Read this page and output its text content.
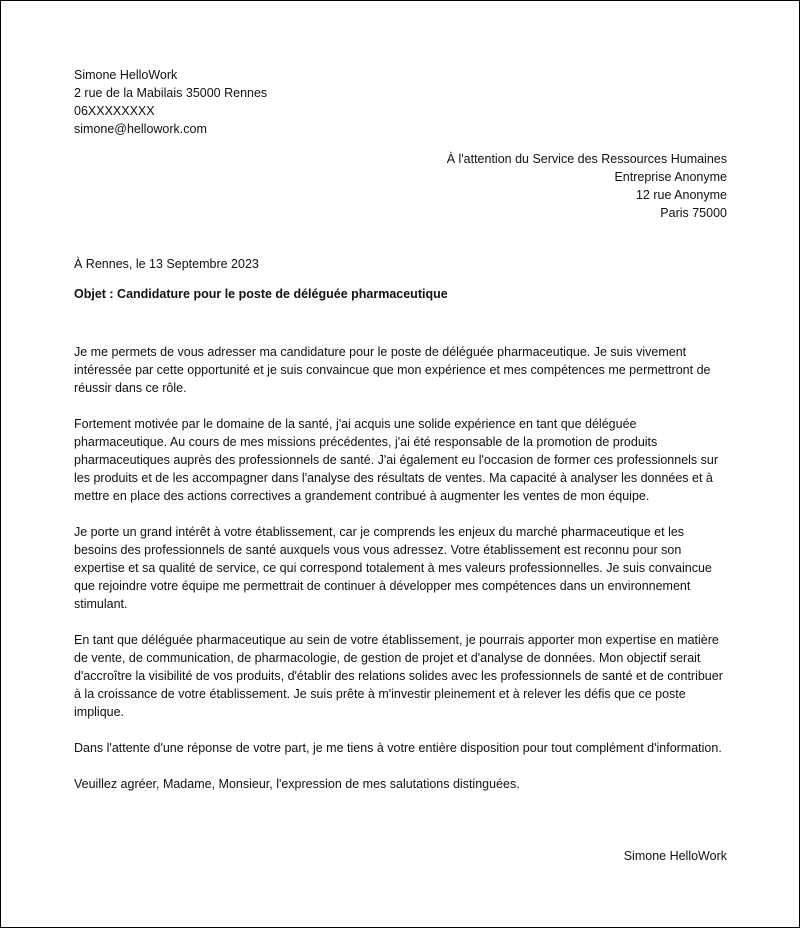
Simone HelloWork
2 rue de la Mabilais 35000 Rennes
06XXXXXXXX
simone@hellowork.com
À l'attention du Service des Ressources Humaines
Entreprise Anonyme
12 rue Anonyme
Paris 75000
À Rennes, le 13 Septembre 2023
Objet : Candidature pour le poste de déléguée pharmaceutique

Je me permets de vous adresser ma candidature pour le poste de déléguée pharmaceutique. Je suis vivement intéressée par cette opportunité et je suis convaincue que mon expérience et mes compétences me permettront de réussir dans ce rôle.

Fortement motivée par le domaine de la santé, j'ai acquis une solide expérience en tant que déléguée pharmaceutique. Au cours de mes missions précédentes, j'ai été responsable de la promotion de produits pharmaceutiques auprès des professionnels de santé. J'ai également eu l'occasion de former ces professionnels sur les produits et de les accompagner dans l'analyse des résultats de ventes. Ma capacité à analyser les données et à mettre en place des actions correctives a grandement contribué à augmenter les ventes de mon équipe.

Je porte un grand intérêt à votre établissement, car je comprends les enjeux du marché pharmaceutique et les besoins des professionnels de santé auxquels vous vous adressez. Votre établissement est reconnu pour son expertise et sa qualité de service, ce qui correspond totalement à mes valeurs professionnelles. Je suis convaincue que rejoindre votre équipe me permettrait de continuer à développer mes compétences dans un environnement stimulant.

En tant que déléguée pharmaceutique au sein de votre établissement, je pourrais apporter mon expertise en matière de vente, de communication, de pharmacologie, de gestion de projet et d'analyse de données. Mon objectif serait d'accroître la visibilité de vos produits, d'établir des relations solides avec les professionnels de santé et de contribuer à la croissance de votre établissement. Je suis prête à m'investir pleinement et à relever les défis que ce poste implique.

Dans l'attente d'une réponse de votre part, je me tiens à votre entière disposition pour tout complément d'information.

Veuillez agréer, Madame, Monsieur, l'expression de mes salutations distinguées.

Simone HelloWork
